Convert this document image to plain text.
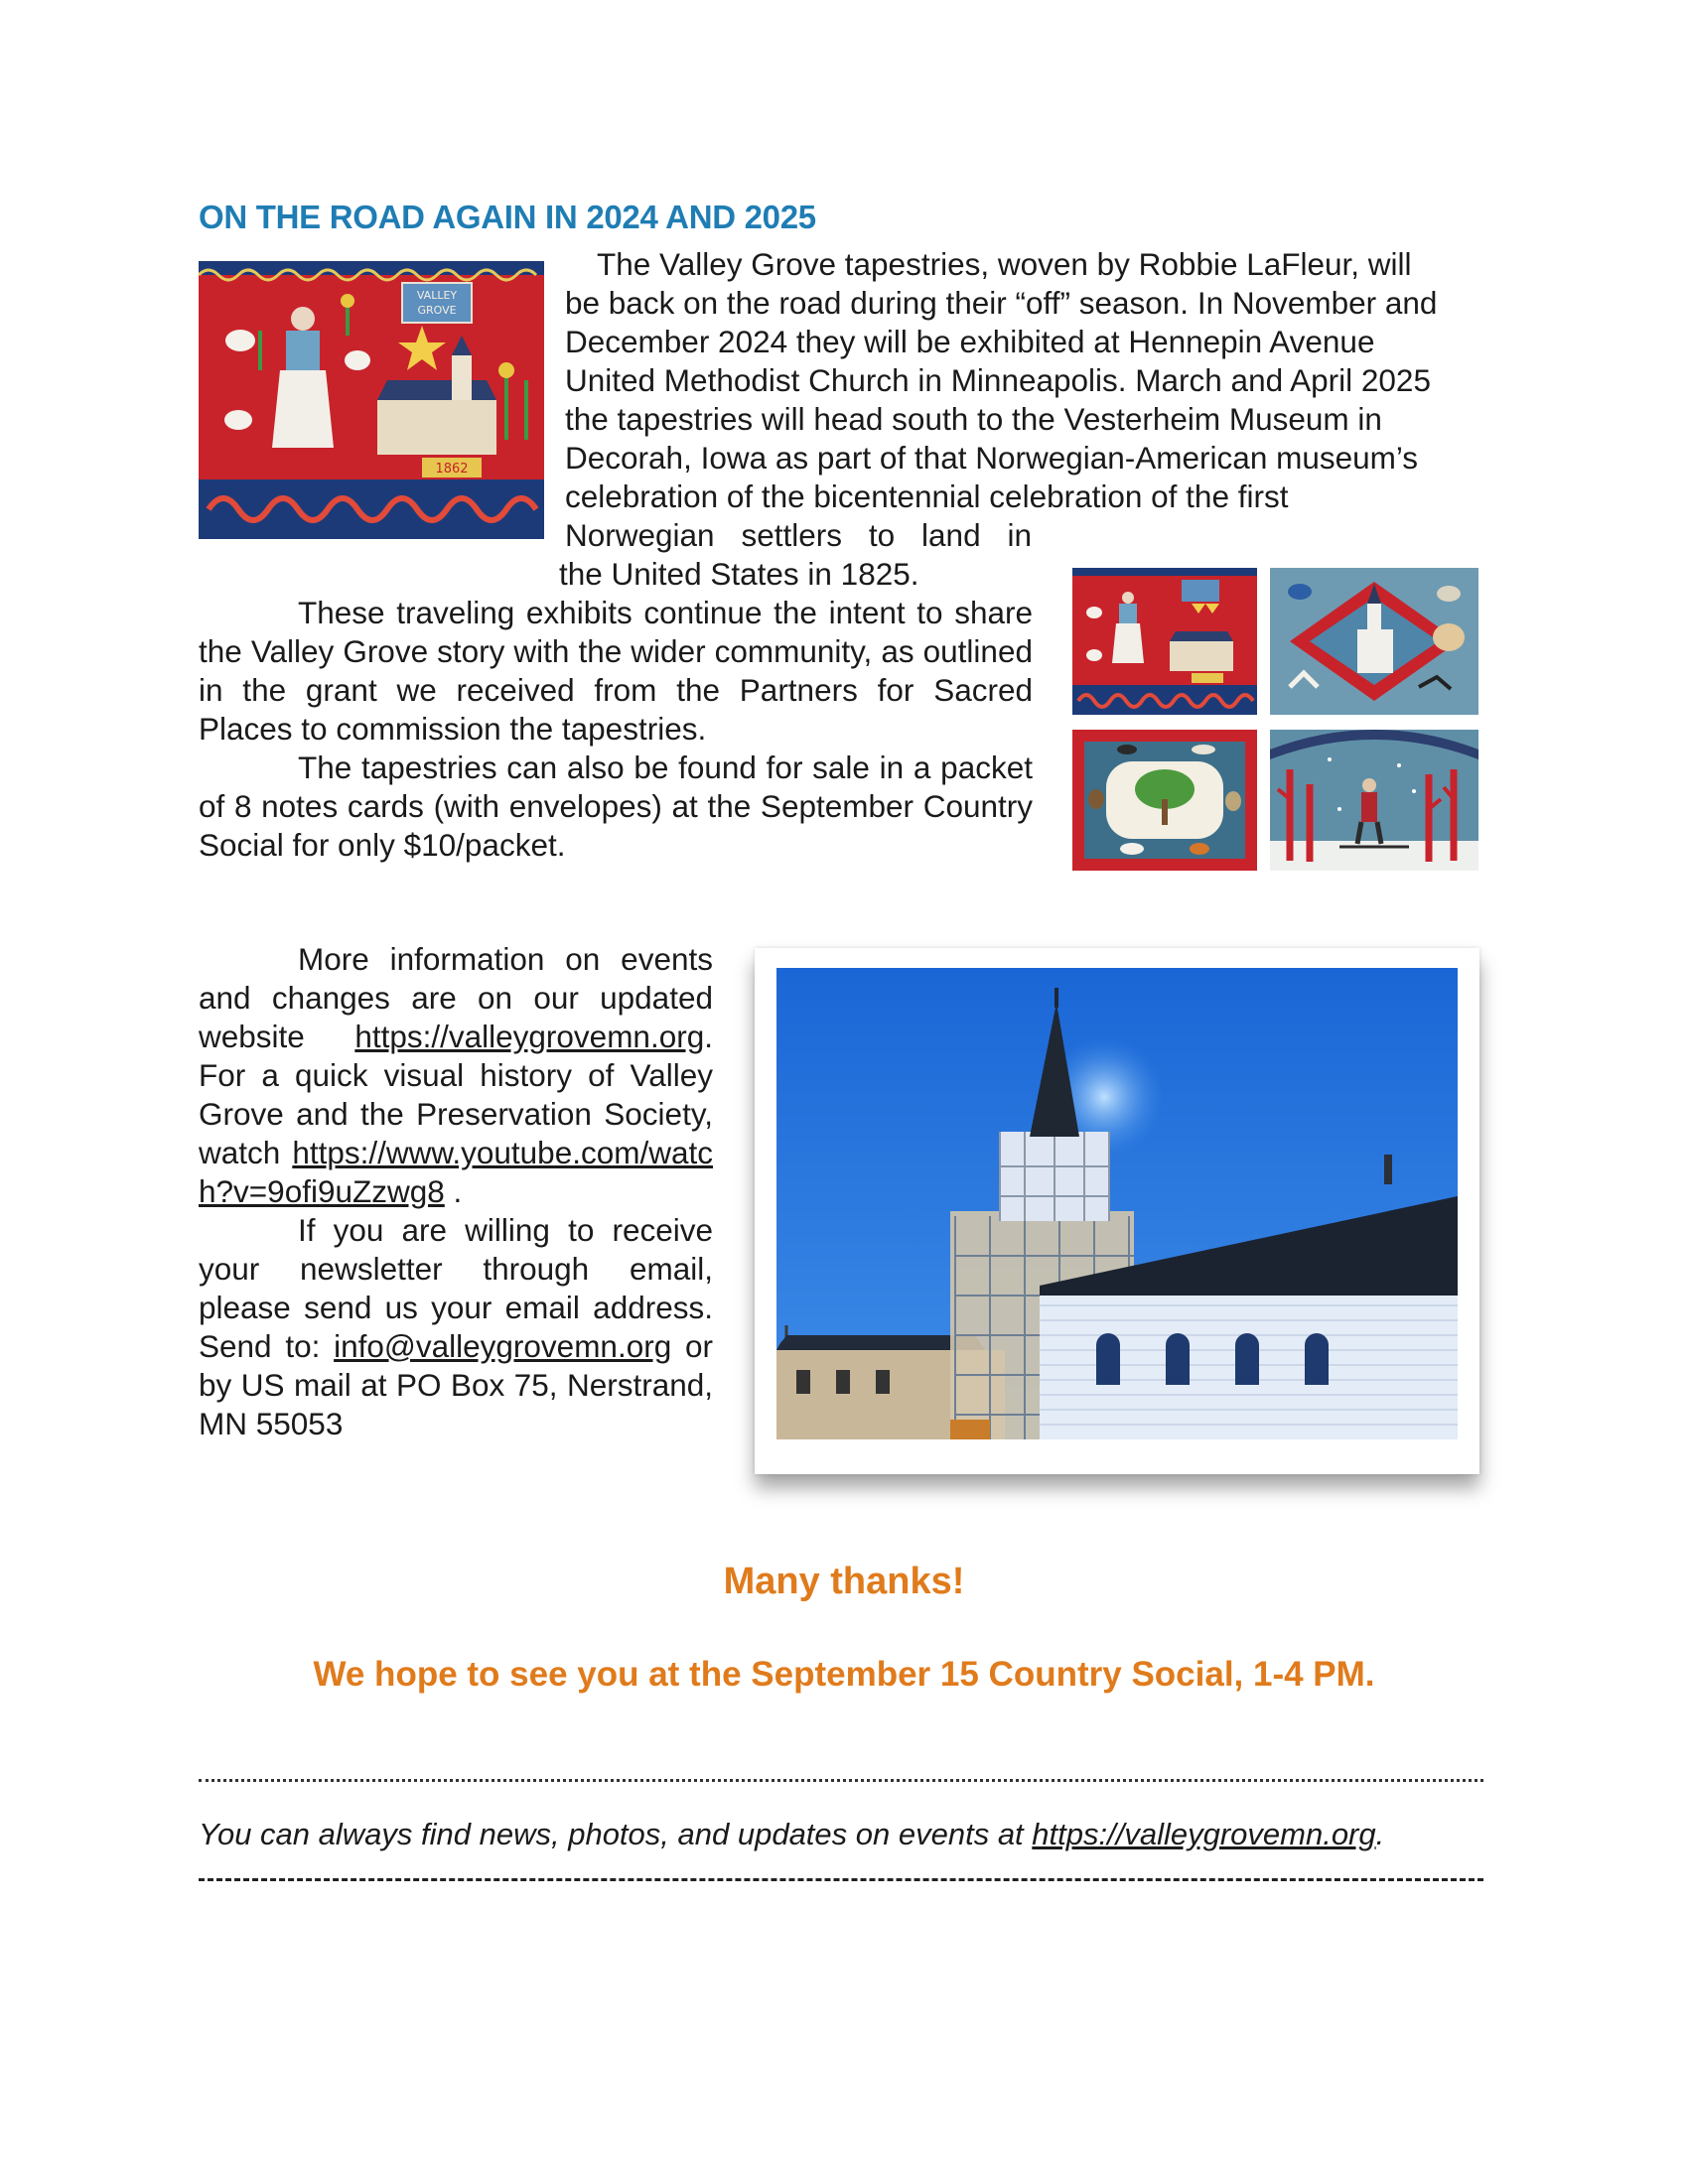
ON THE ROAD AGAIN IN 2024 AND 2025
VALLEY
GROVE
1862

The Valley Grove tapestries, woven by Robbie LaFleur, will

be back on the road during their “off” season. In November and

December 2024 they will be exhibited at Hennepin Avenue

United Methodist Church in Minneapolis. March and April 2025

the tapestries will head south to the Vesterheim Museum in

Decorah, Iowa as part of that Norwegian-American museum’s

celebration of the bicentennial celebration of the first

Norwegian settlers to land in

the United States in 1825.

These traveling exhibits continue the intent to share the Valley Grove story with the wider community, as outlined in the grant we received from the Partners for Sacred Places to commission the tapestries.

The tapestries can also be found for sale in a packet of 8 notes cards (with envelopes) at the September Country Social for only $10/packet.

More information on events and changes are on our updated website https://valleygrovemn.org. For a quick visual history of Valley Grove and the Preservation Society, watch https://www.youtube.com/watch?v=9ofi9uZzwg8 .

If you are willing to receive your newsletter through email, please send us your email address. Send to: info@valleygrovemn.org or by US mail at PO Box 75, Nerstrand, MN 55053

Many thanks!

We hope to see you at the September 15 Country Social, 1-4 PM.

You can always find news, photos, and updates on events at https://valleygrovemn.org.
